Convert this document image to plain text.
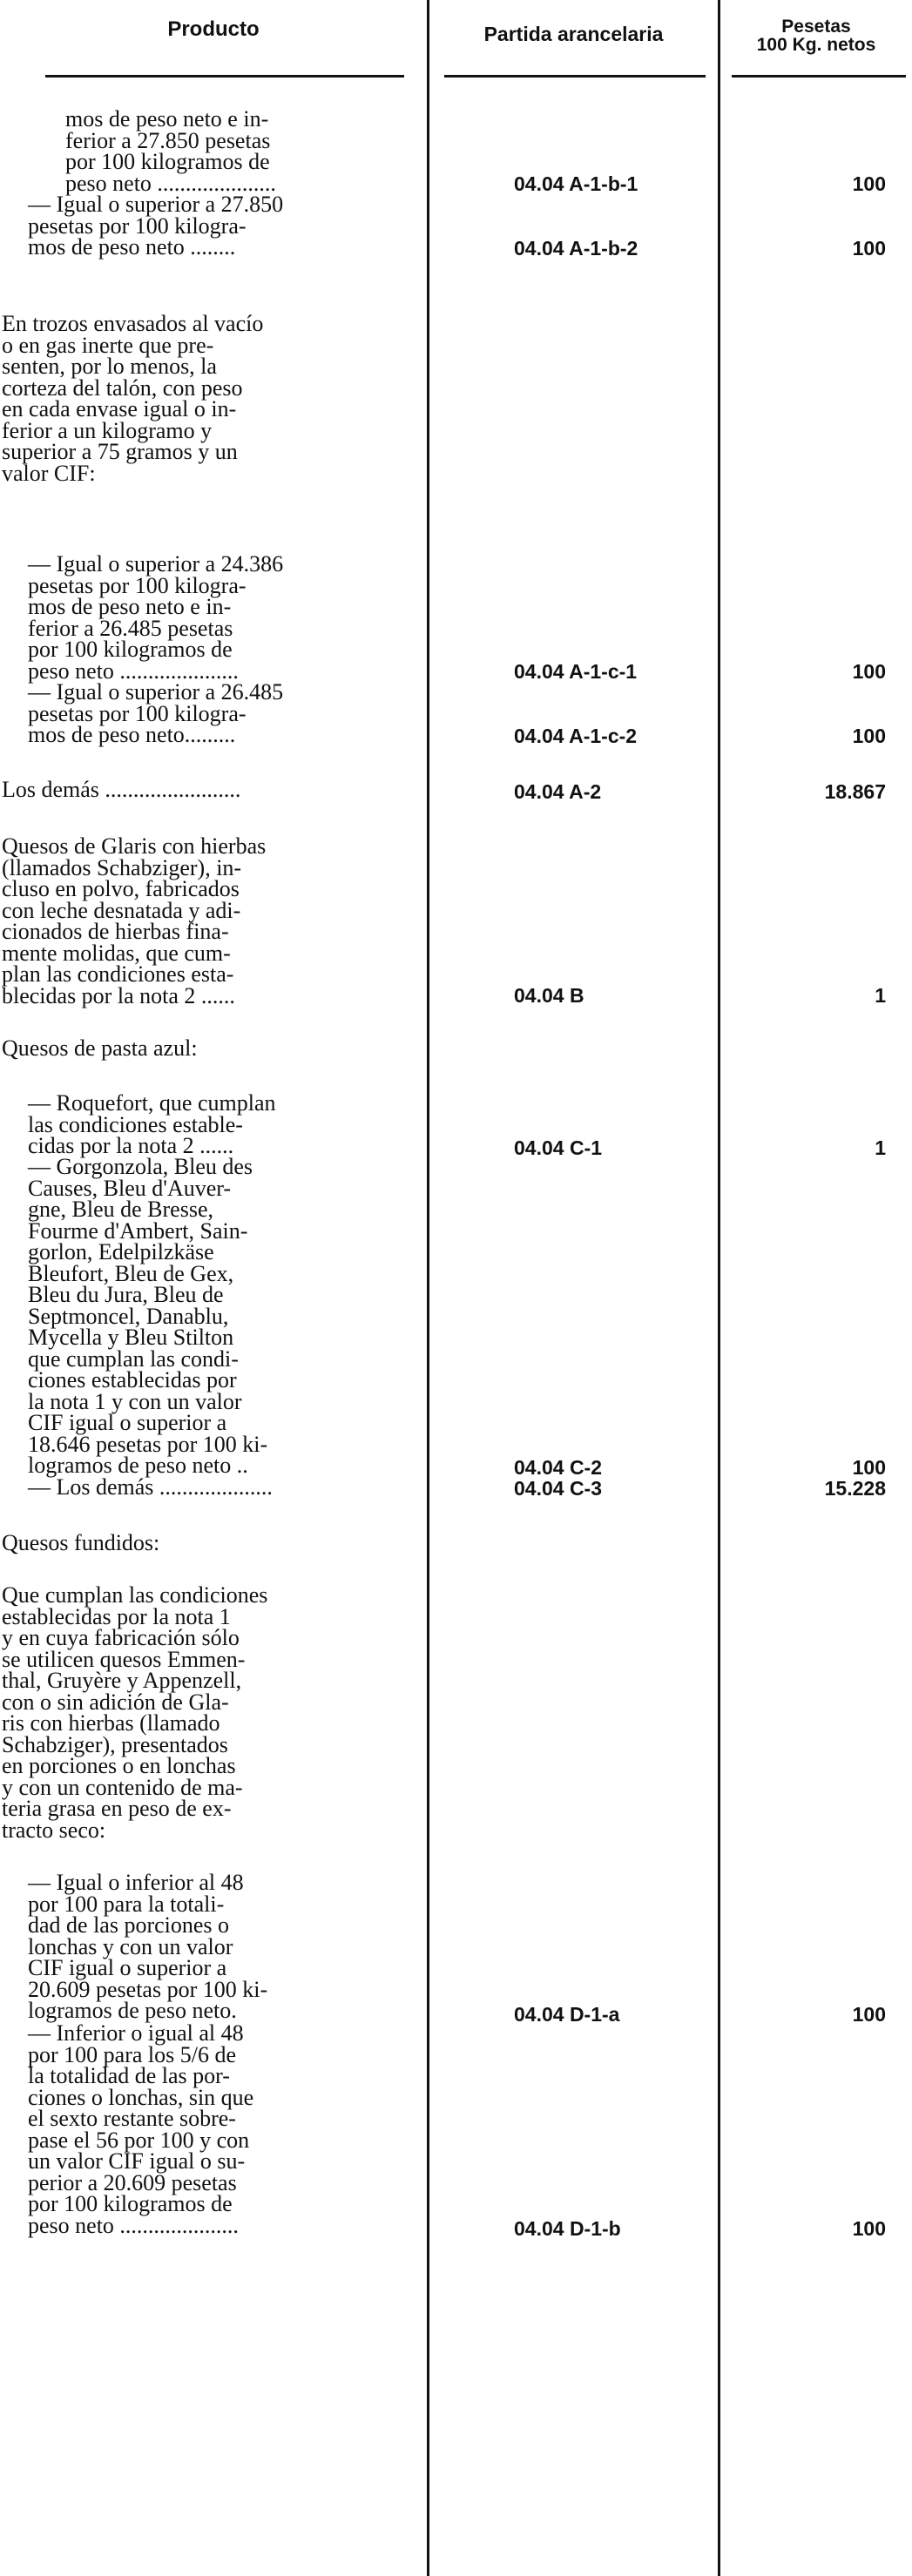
Producto	Partida arancelaria	Pesetas
100 Kg. netos
mos de peso neto e in-
ferior a 27.850 pesetas
por 100 kilogramos de
peso neto .....................
— Igual o superior a 27.850
pesetas por 100 kilogra-
mos de peso neto ........
En trozos envasados al vacío
o en gas inerte que pre-
senten, por lo menos, la
corteza del talón, con peso
en cada envase igual o in-
ferior a un kilogramo y
superior a 75 gramos y un
valor CIF:
— Igual o superior a 24.386
pesetas por 100 kilogra-
mos de peso neto e in-
ferior a 26.485 pesetas
por 100 kilogramos de
peso neto .....................
— Igual o superior a 26.485
pesetas por 100 kilogra-
mos de peso neto.........
Los demás ........................
Quesos de Glaris con hierbas
(llamados Schabziger), in-
cluso en polvo, fabricados
con leche desnatada y adi-
cionados de hierbas fina-
mente molidas, que cum-
plan las condiciones esta-
blecidas por la nota 2 ......
Quesos de pasta azul:
— Roquefort, que cumplan
las condiciones estable-
cidas por la nota 2 ......
— Gorgonzola, Bleu des
Causes, Bleu d'Auver-
gne, Bleu de Bresse,
Fourme d'Ambert, Sain-
gorlon, Edelpilzkäse
Bleufort, Bleu de Gex,
Bleu du Jura, Bleu de
Septmoncel, Danablu,
Mycella y Bleu Stilton
que cumplan las condi-
ciones establecidas por
la nota 1 y con un valor
CIF igual o superior a
18.646 pesetas por 100 ki-
logramos de peso neto ..
— Los demás ....................
Quesos fundidos:
Que cumplan las condiciones
establecidas por la nota 1
y en cuya fabricación sólo
se utilicen quesos Emmen-
thal, Gruyère y Appenzell,
con o sin adición de Gla-
ris con hierbas (llamado
Schabziger), presentados
en porciones o en lonchas
y con un contenido de ma-
teria grasa en peso de ex-
tracto seco:
— Igual o inferior al 48
por 100 para la totali-
dad de las porciones o
lonchas y con un valor
CIF igual o superior a
20.609 pesetas por 100 ki-
logramos de peso neto.
— Inferior o igual al 48
por 100 para los 5/6 de
la totalidad de las por-
ciones o lonchas, sin que
el sexto restante sobre-
pase el 56 por 100 y con
un valor CIF igual o su-
perior a 20.609 pesetas
por 100 kilogramos de
peso neto .....................
04.04 A-1-b-1
04.04 A-1-b-2
04.04 A-1-c-1
04.04 A-1-c-2
04.04 A-2
04.04 B
04.04 C-1
04.04 C-2
04.04 C-3
04.04 D-1-a
04.04 D-1-b
100
100
100
100
18.867
1
1
100
15.228
100
100
